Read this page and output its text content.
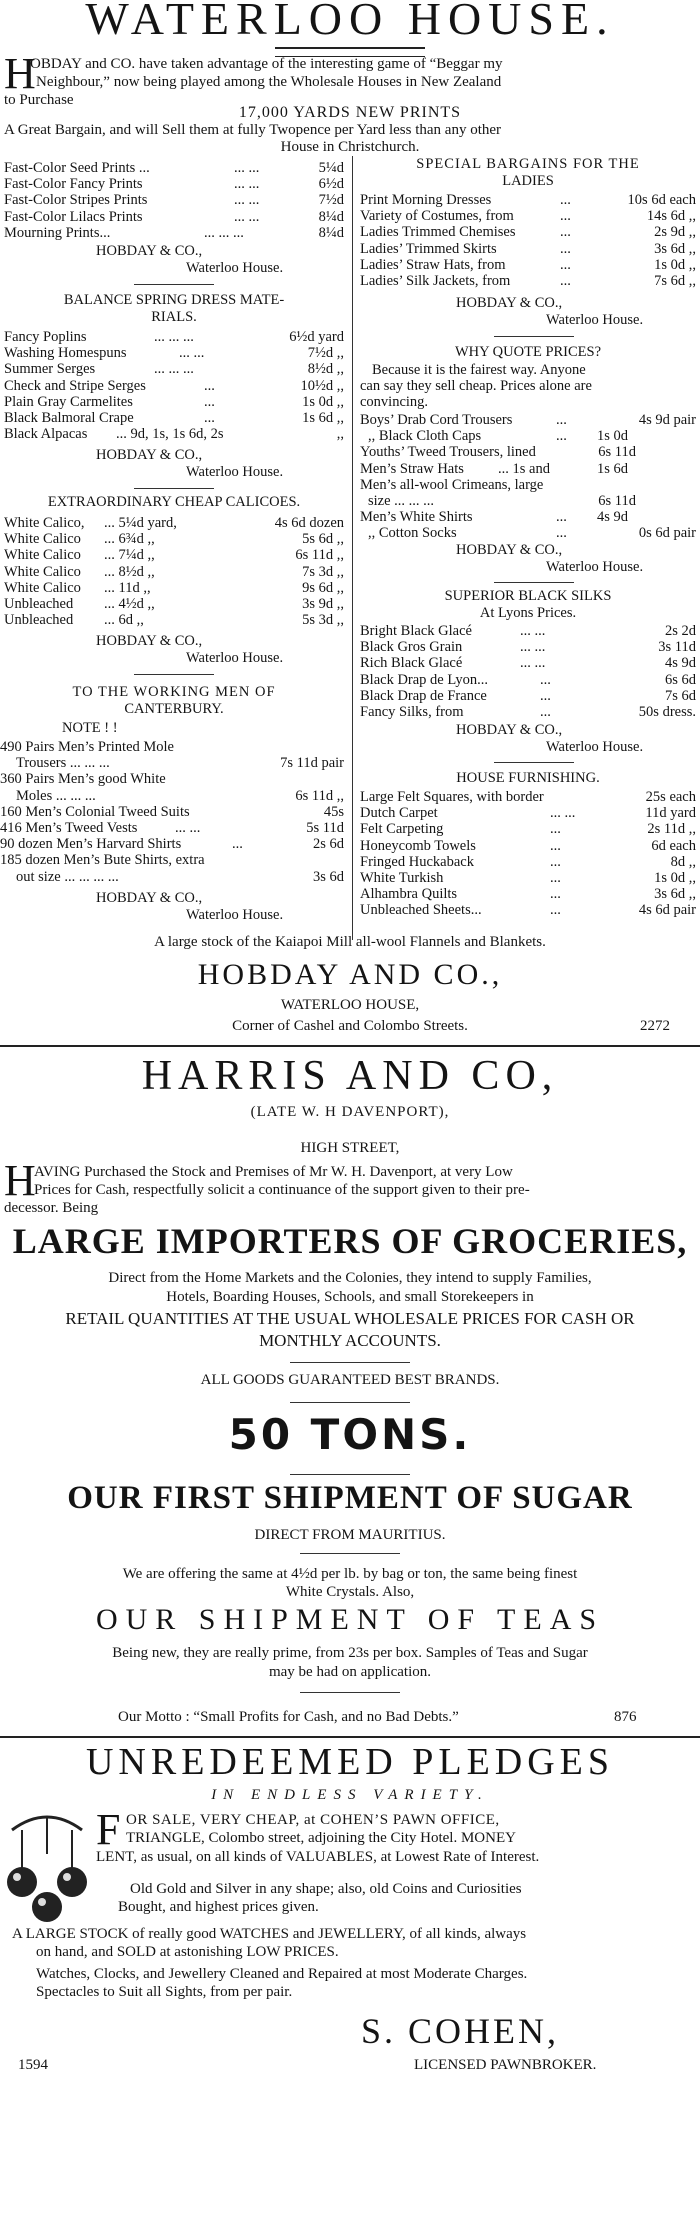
WATERLOO HOUSE.
H
OBDAY and CO. have taken advantage of the interesting game of “Beggar my
Neighbour,” now being played among the Wholesale Houses in New Zealand
to Purchase
17,000 YARDS NEW PRINTS
A Great Bargain, and will Sell them at fully Twopence per Yard less than any other
House in Christchurch.
Fast-Color Seed Prints ...	... ...	5¼d
Fast-Color Fancy Prints	... ...	6½d
Fast-Color Stripes Prints	... ...	7½d
Fast-Color Lilacs Prints	... ...	8¼d
Mourning Prints...	... ... ...	8¼d
HOBDAY & CO.,
Waterloo House.
BALANCE SPRING DRESS MATE-
RIALS.
Fancy Poplins	... ... ...	6½d yard
Washing Homespuns	... ...	7½d ,,
Summer Serges	... ... ...	8½d ,,
Check and Stripe Serges	...	10½d ,,
Plain Gray Carmelites	...	1s 0d ,,
Black Balmoral Crape	...	1s 6d ,,
Black Alpacas ... 9d, 1s, 1s 6d, 2s	,,
HOBDAY & CO.,
Waterloo House.
EXTRAORDINARY CHEAP CALICOES.
White Calico, ... 5¼d yard,	4s 6d dozen
White Calico ... 6¾d ,,	5s 6d ,,
White Calico ... 7¼d ,,	6s 11d ,,
White Calico ... 8½d ,,	7s 3d ,,
White Calico ... 11d ,,	9s 6d ,,
Unbleached ... 4½d ,,	3s 9d ,,
Unbleached ... 6d ,,	5s 3d ,,
HOBDAY & CO.,
Waterloo House.
TO THE WORKING MEN OF
CANTERBURY.
NOTE ! !
490 Pairs Men’s Printed Mole
Trousers ... ... ...	7s 11d pair
360 Pairs Men’s good White
Moles ... ... ...	6s 11d ,,
160 Men’s Colonial Tweed Suits	45s
416 Men’s Tweed Vests	... ...	5s 11d
90 dozen Men’s Harvard Shirts	...	2s 6d
185 dozen Men’s Bute Shirts, extra
out size ... ... ... ...	3s 6d
HOBDAY & CO.,
Waterloo House.
SPECIAL BARGAINS FOR THE
LADIES
Print Morning Dresses	...	10s 6d each
Variety of Costumes, from	...	14s 6d ,,
Ladies Trimmed Chemises	...	2s 9d ,,
Ladies’ Trimmed Skirts	...	3s 6d ,,
Ladies’ Straw Hats, from	...	1s 0d ,,
Ladies’ Silk Jackets, from	...	7s 6d ,,
HOBDAY & CO.,
Waterloo House.
WHY QUOTE PRICES?
Because it is the fairest way. Anyone
can say they sell cheap. Prices alone are
convincing.
Boys’ Drab Cord Trousers	...	4s 9d pair
,, Black Cloth Caps	... 1s 0d
Youths’ Tweed Trousers, lined	6s 11d
Men’s Straw Hats ... 1s and	1s 6d
Men’s all-wool Crimeans, large
size ... ... ...	6s 11d
Men’s White Shirts	... 4s 9d
,, Cotton Socks	...	0s 6d pair
HOBDAY & CO.,
Waterloo House.
SUPERIOR BLACK SILKS
At Lyons Prices.
Bright Black Glacé	... ...	2s 2d
Black Gros Grain	... ...	3s 11d
Rich Black Glacé	... ...	4s 9d
Black Drap de Lyon...	...	6s 6d
Black Drap de France	...	7s 6d
Fancy Silks, from	...	50s dress.
HOBDAY & CO.,
Waterloo House.
HOUSE FURNISHING.
Large Felt Squares, with border	25s each
Dutch Carpet	... ...	11d yard
Felt Carpeting	...	2s 11d ,,
Honeycomb Towels	...	6d each
Fringed Huckaback	...	8d ,,
White Turkish	...	1s 0d ,,
Alhambra Quilts	...	3s 6d ,,
Unbleached Sheets...	...	4s 6d pair
A large stock of the Kaiapoi Mill all-wool Flannels and Blankets.
HOBDAY AND CO.,
WATERLOO HOUSE,
Corner of Cashel and Colombo Streets.	2272
HARRIS AND CO,
(LATE W. H DAVENPORT),
HIGH STREET,
H
AVING Purchased the Stock and Premises of Mr W. H. Davenport, at very Low
Prices for Cash, respectfully solicit a continuance of the support given to their pre-
decessor. Being
LARGE IMPORTERS OF GROCERIES,
Direct from the Home Markets and the Colonies, they intend to supply Families,
Hotels, Boarding Houses, Schools, and small Storekeepers in
RETAIL QUANTITIES AT THE USUAL WHOLESALE PRICES FOR CASH OR
MONTHLY ACCOUNTS.
ALL GOODS GUARANTEED BEST BRANDS.
50 TONS.
OUR FIRST SHIPMENT OF SUGAR
DIRECT FROM MAURITIUS.
We are offering the same at 4½d per lb. by bag or ton, the same being finest
White Crystals. Also,
OUR SHIPMENT OF TEAS
Being new, they are really prime, from 23s per box. Samples of Teas and Sugar
may be had on application.
Our Motto : “Small Profits for Cash, and no Bad Debts.”	876
UNREDEEMED PLEDGES
IN ENDLESS VARIETY.
F OR SALE, VERY CHEAP, at COHEN’S PAWN OFFICE,
TRIANGLE, Colombo street, adjoining the City Hotel. MONEY
LENT, as usual, on all kinds of VALUABLES, at Lowest Rate of Interest.
Old Gold and Silver in any shape; also, old Coins and Curiosities
Bought, and highest prices given.
A LARGE STOCK of really good WATCHES and JEWELLERY, of all kinds, always
on hand, and SOLD at astonishing LOW PRICES.
Watches, Clocks, and Jewellery Cleaned and Repaired at most Moderate Charges.
Spectacles to Suit all Sights, from per pair.
S. COHEN,
1594	LICENSED PAWNBROKER.
